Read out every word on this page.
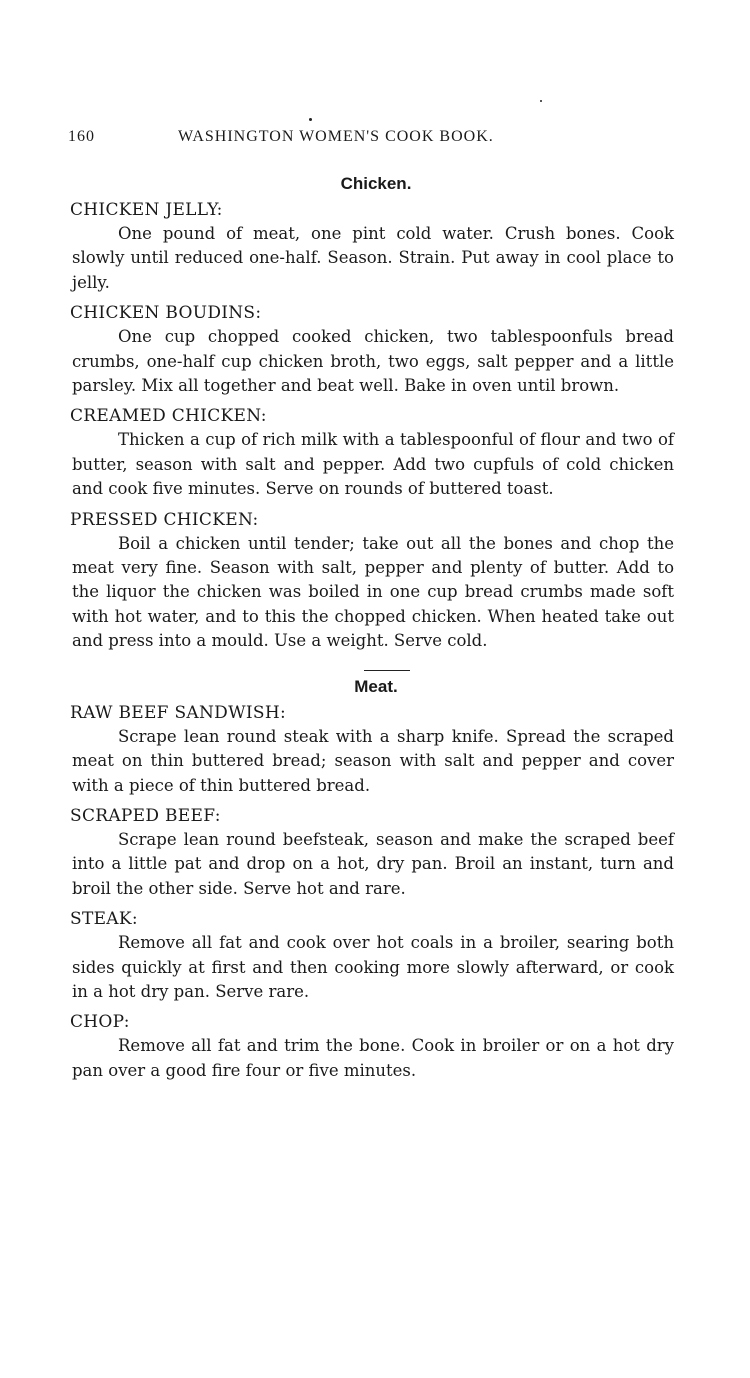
160	WASHINGTON WOMEN'S COOK BOOK.
Chicken.
CHICKEN JELLY:

One pound of meat, one pint cold water. Crush bones. Cook slowly until reduced one-half. Season. Strain. Put away in cool place to jelly.

CHICKEN BOUDINS:

One cup chopped cooked chicken, two tablespoonfuls bread crumbs, one-half cup chicken broth, two eggs, salt pepper and a little parsley. Mix all together and beat well. Bake in oven until brown.

CREAMED CHICKEN:

Thicken a cup of rich milk with a tablespoonful of flour and two of butter, season with salt and pepper. Add two cupfuls of cold chicken and cook five minutes. Serve on rounds of buttered toast.

PRESSED CHICKEN:

Boil a chicken until tender; take out all the bones and chop the meat very fine. Season with salt, pepper and plenty of butter. Add to the liquor the chicken was boiled in one cup bread crumbs made soft with hot water, and to this the chopped chicken. When heated take out and press into a mould. Use a weight. Serve cold.

Meat.
RAW BEEF SANDWISH:

Scrape lean round steak with a sharp knife. Spread the scraped meat on thin buttered bread; season with salt and pepper and cover with a piece of thin buttered bread.

SCRAPED BEEF:

Scrape lean round beefsteak, season and make the scraped beef into a little pat and drop on a hot, dry pan. Broil an instant, turn and broil the other side. Serve hot and rare.

STEAK:

Remove all fat and cook over hot coals in a broiler, searing both sides quickly at first and then cooking more slowly afterward, or cook in a hot dry pan. Serve rare.

CHOP:

Remove all fat and trim the bone. Cook in broiler or on a hot dry pan over a good fire four or five minutes.
